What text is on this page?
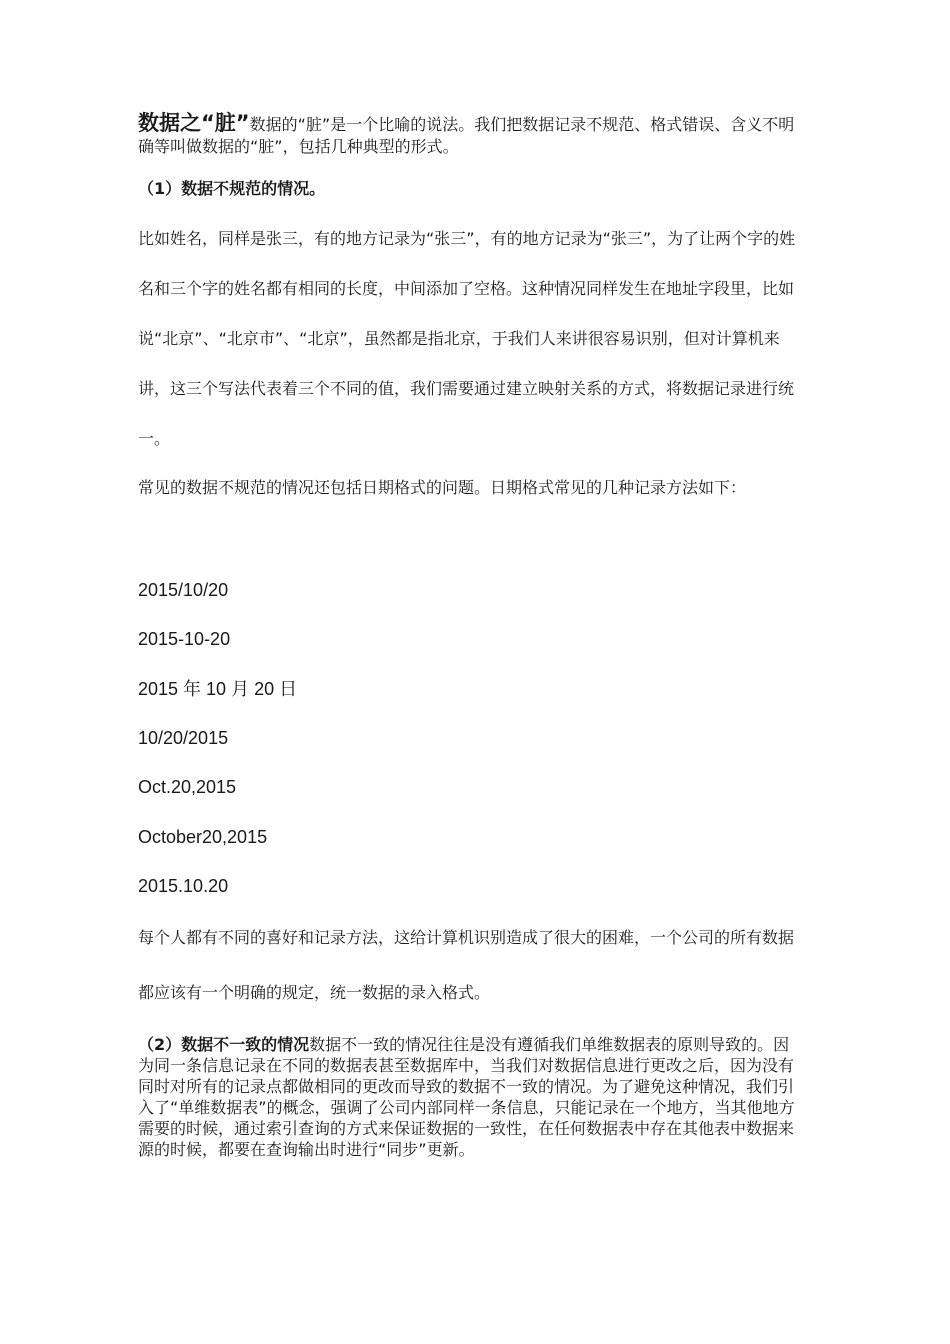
数据之“脏”数据的“脏”是一个比喻的说法。我们把数据记录不规范、格式错误、含义不明确等叫做数据的“脏”，包括几种典型的形式。

（1）数据不规范的情况。

比如姓名，同样是张三，有的地方记录为“张三”，有的地方记录为“张三”，为了让两个字的姓名和三个字的姓名都有相同的长度，中间添加了空格。这种情况同样发生在地址字段里，比如说“北京”、“北京市”、“北京”，虽然都是指北京，于我们人来讲很容易识别，但对计算机来讲，这三个写法代表着三个不同的值，我们需要通过建立映射关系的方式，将数据记录进行统一。

常见的数据不规范的情况还包括日期格式的问题。日期格式常见的几种记录方法如下：

2015/10/20
2015-10-20
2015 年 10 月 20 日
10/20/2015
Oct.20,2015
October20,2015
2015.10.20

每个人都有不同的喜好和记录方法，这给计算机识别造成了很大的困难，一个公司的所有数据都应该有一个明确的规定，统一数据的录入格式。

（2）数据不一致的情况数据不一致的情况往往是没有遵循我们单维数据表的原则导致的。因为同一条信息记录在不同的数据表甚至数据库中，当我们对数据信息进行更改之后，因为没有同时对所有的记录点都做相同的更改而导致的数据不一致的情况。为了避免这种情况，我们引入了“单维数据表”的概念，强调了公司内部同样一条信息，只能记录在一个地方，当其他地方需要的时候，通过索引查询的方式来保证数据的一致性，在任何数据表中存在其他表中数据来源的时候，都要在查询输出时进行“同步”更新。
